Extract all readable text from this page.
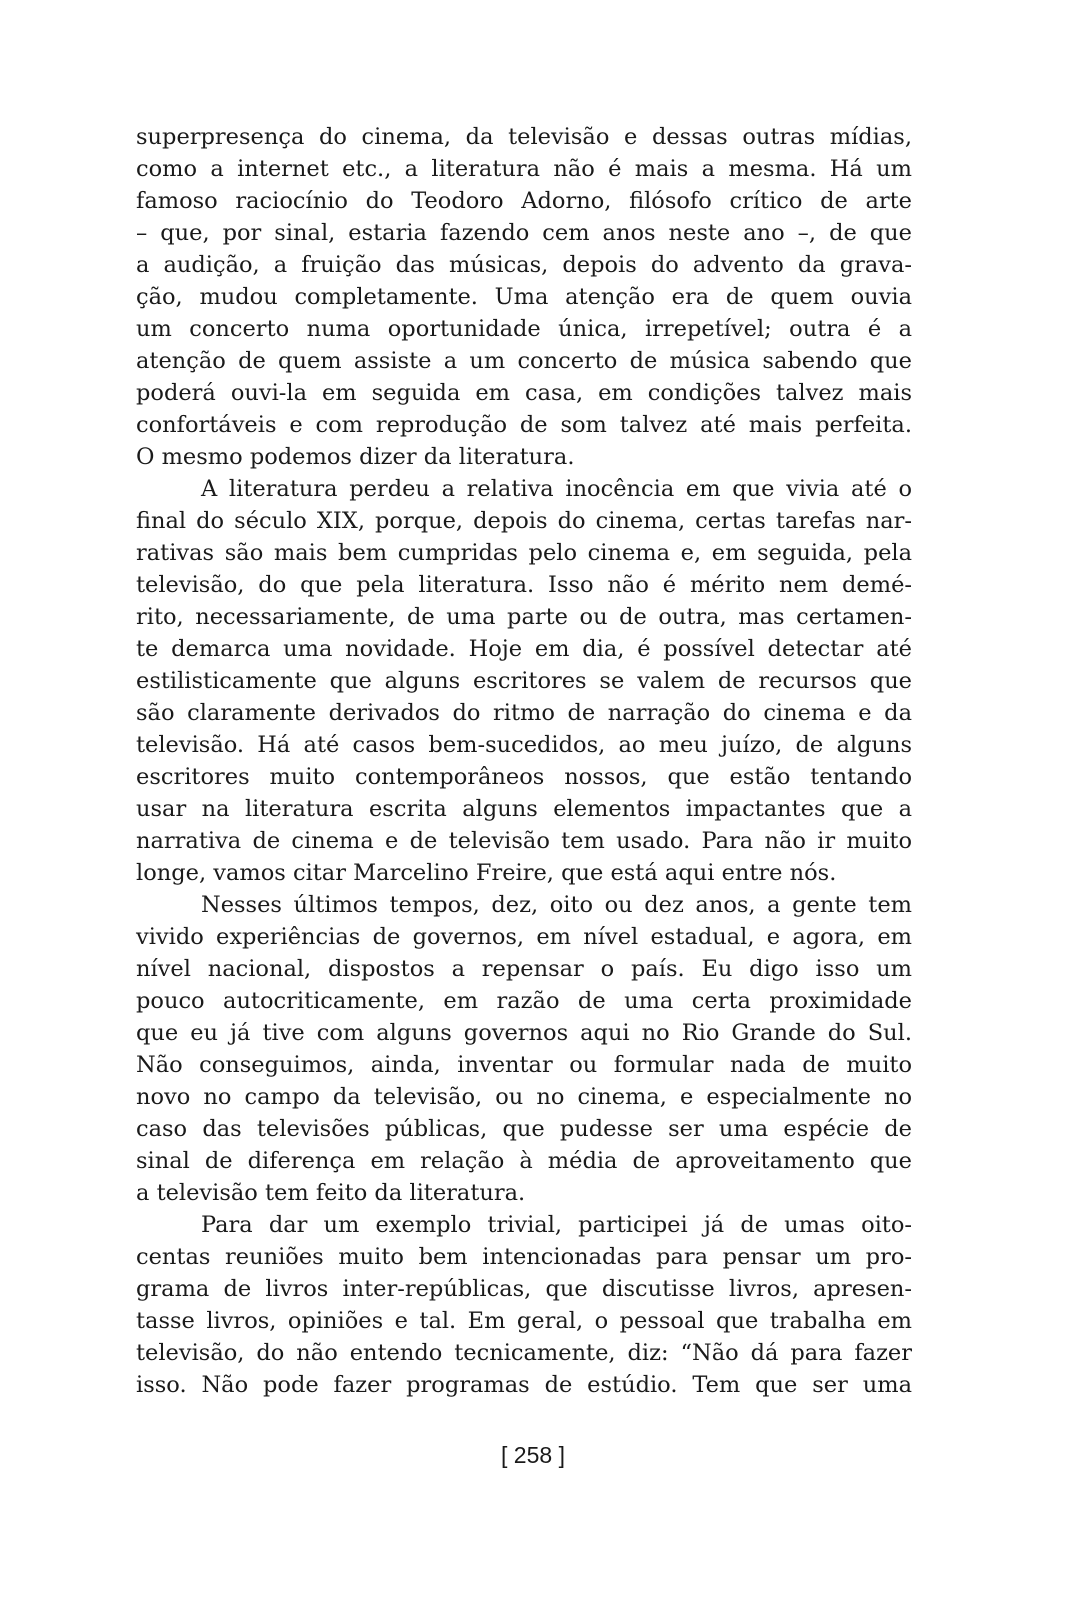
superpresença do cinema, da televisão e dessas outras mídias,
como a internet etc., a literatura não é mais a mesma. Há um
famoso raciocínio do Teodoro Adorno, filósofo crítico de arte
– que, por sinal, estaria fazendo cem anos neste ano –, de que
a audição, a fruição das músicas, depois do advento da grava-
ção, mudou completamente. Uma atenção era de quem ouvia
um concerto numa oportunidade única, irrepetível; outra é a
atenção de quem assiste a um concerto de música sabendo que
poderá ouvi-la em seguida em casa, em condições talvez mais
confortáveis e com reprodução de som talvez até mais perfeita.
O mesmo podemos dizer da literatura.
A literatura perdeu a relativa inocência em que vivia até o
final do século XIX, porque, depois do cinema, certas tarefas nar-
rativas são mais bem cumpridas pelo cinema e, em seguida, pela
televisão, do que pela literatura. Isso não é mérito nem demé-
rito, necessariamente, de uma parte ou de outra, mas certamen-
te demarca uma novidade. Hoje em dia, é possível detectar até
estilisticamente que alguns escritores se valem de recursos que
são claramente derivados do ritmo de narração do cinema e da
televisão. Há até casos bem-sucedidos, ao meu juízo, de alguns
escritores muito contemporâneos nossos, que estão tentando
usar na literatura escrita alguns elementos impactantes que a
narrativa de cinema e de televisão tem usado. Para não ir muito
longe, vamos citar Marcelino Freire, que está aqui entre nós.
Nesses últimos tempos, dez, oito ou dez anos, a gente tem
vivido experiências de governos, em nível estadual, e agora, em
nível nacional, dispostos a repensar o país. Eu digo isso um
pouco autocriticamente, em razão de uma certa proximidade
que eu já tive com alguns governos aqui no Rio Grande do Sul.
Não conseguimos, ainda, inventar ou formular nada de muito
novo no campo da televisão, ou no cinema, e especialmente no
caso das televisões públicas, que pudesse ser uma espécie de
sinal de diferença em relação à média de aproveitamento que
a televisão tem feito da literatura.
Para dar um exemplo trivial, participei já de umas oito-
centas reuniões muito bem intencionadas para pensar um pro-
grama de livros inter-repúblicas, que discutisse livros, apresen-
tasse livros, opiniões e tal. Em geral, o pessoal que trabalha em
televisão, do não entendo tecnicamente, diz: “Não dá para fazer
isso. Não pode fazer programas de estúdio. Tem que ser uma
[ 258 ]
